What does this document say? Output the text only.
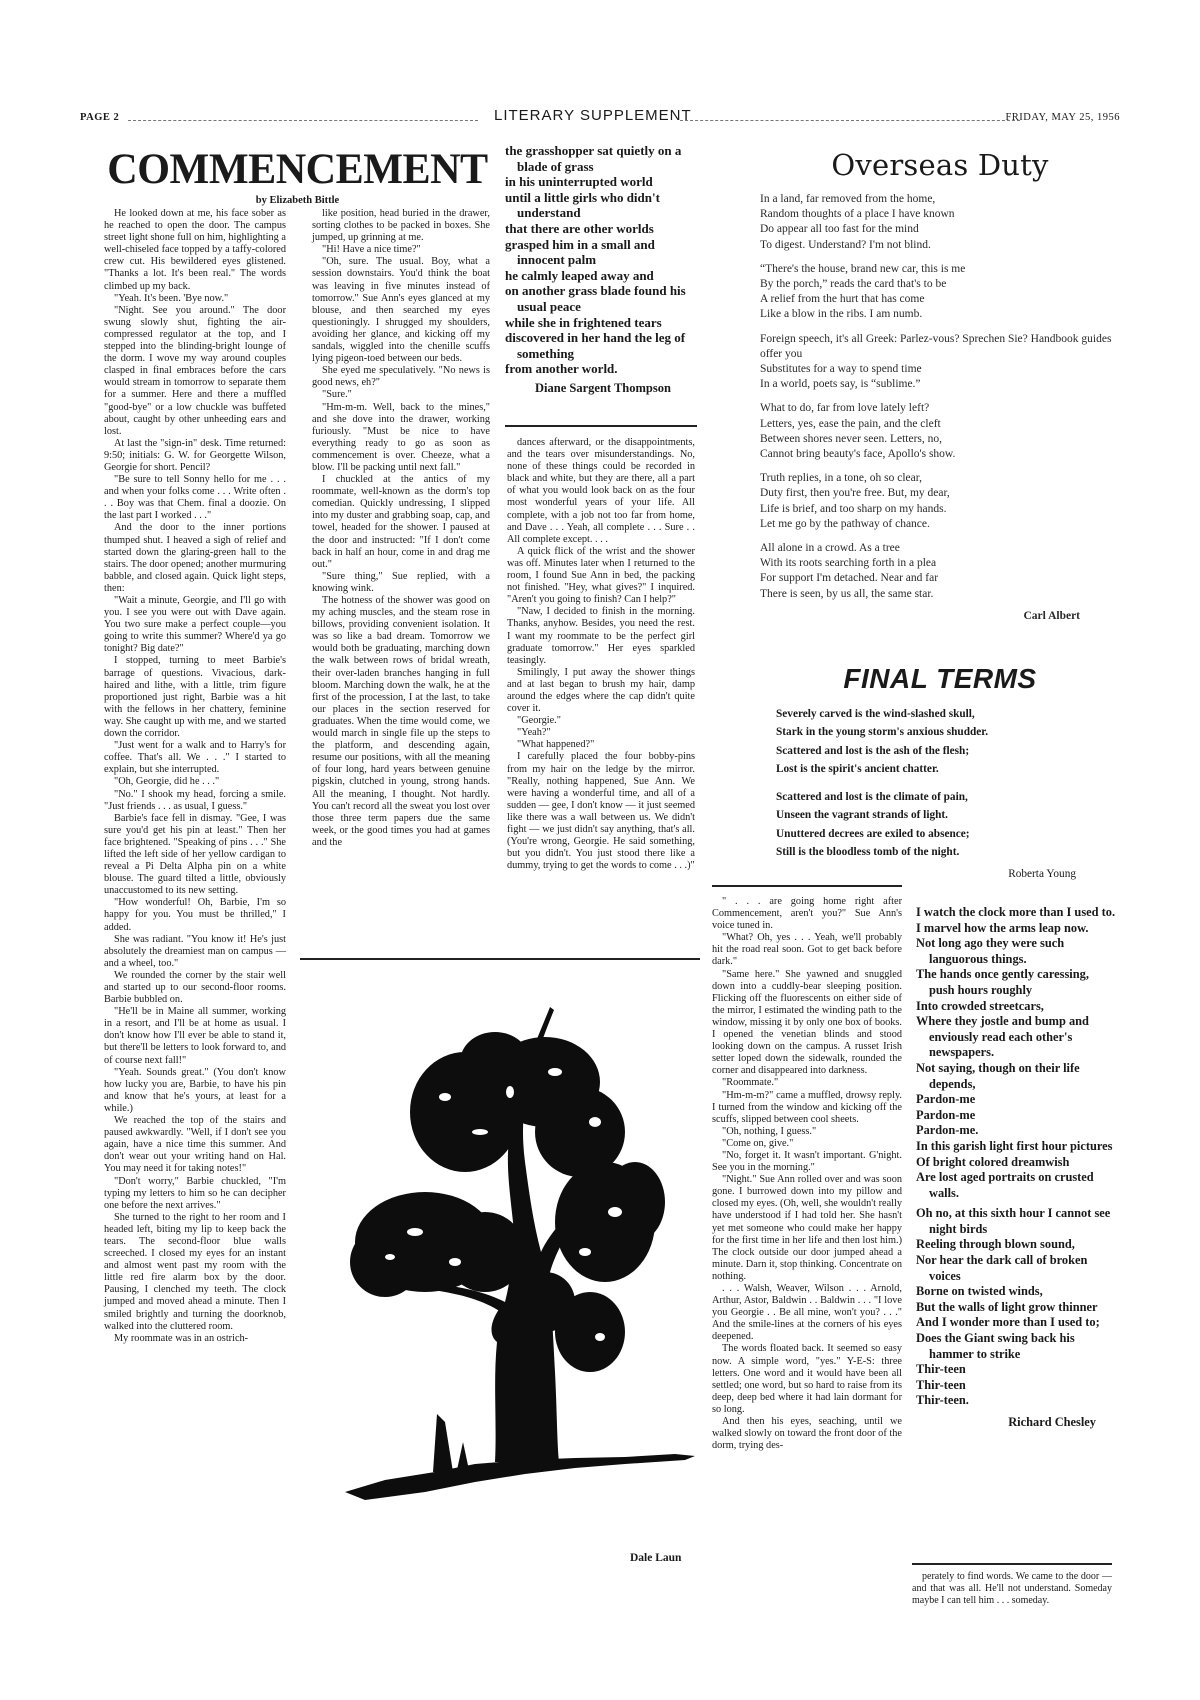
PAGE 2	LITERARY SUPPLEMENT	FRIDAY, MAY 25, 1956
COMMENCEMENT
by Elizabeth Bittle

He looked down at me, his face sober as he reached to open the door. The campus street light shone full on him, highlighting a well-chiseled face topped by a taffy-colored crew cut. His bewildered eyes glistened. "Thanks a lot. It's been real." The words climbed up my back.

"Yeah. It's been. 'Bye now."

"Night. See you around." The door swung slowly shut, fighting the air-compressed regulator at the top, and I stepped into the blinding-bright lounge of the dorm. I wove my way around couples clasped in final embraces before the cars would stream in tomorrow to separate them for a summer. Here and there a muffled "good-bye" or a low chuckle was buffeted about, caught by other unheeding ears and lost.

At last the "sign-in" desk. Time returned: 9:50; initials: G. W. for Georgette Wilson, Georgie for short. Pencil?

"Be sure to tell Sonny hello for me . . . and when your folks come . . . Write often . . . Boy was that Chem. final a doozie. On the last part I worked . . ."

And the door to the inner portions thumped shut. I heaved a sigh of relief and started down the glaring-green hall to the stairs. The door opened; another murmuring babble, and closed again. Quick light steps, then:

"Wait a minute, Georgie, and I'll go with you. I see you were out with Dave again. You two sure make a perfect couple—you going to write this summer? Where'd ya go tonight? Big date?"

I stopped, turning to meet Barbie's barrage of questions. Vivacious, dark-haired and lithe, with a little, trim figure proportioned just right, Barbie was a hit with the fellows in her chattery, feminine way. She caught up with me, and we started down the corridor.

"Just went for a walk and to Harry's for coffee. That's all. We . . ." I started to explain, but she interrupted.

"Oh, Georgie, did he . . ."

"No." I shook my head, forcing a smile. "Just friends . . . as usual, I guess."

Barbie's face fell in dismay. "Gee, I was sure you'd get his pin at least." Then her face brightened. "Speaking of pins . . ." She lifted the left side of her yellow cardigan to reveal a Pi Delta Alpha pin on a white blouse. The guard tilted a little, obviously unaccustomed to its new setting.

"How wonderful! Oh, Barbie, I'm so happy for you. You must be thrilled," I added.

She was radiant. "You know it! He's just absolutely the dreamiest man on campus — and a wheel, too."

We rounded the corner by the stair well and started up to our second-floor rooms. Barbie bubbled on.

"He'll be in Maine all summer, working in a resort, and I'll be at home as usual. I don't know how I'll ever be able to stand it, but there'll be letters to look forward to, and of course next fall!"

"Yeah. Sounds great." (You don't know how lucky you are, Barbie, to have his pin and know that he's yours, at least for a while.)

We reached the top of the stairs and paused awkwardly. "Well, if I don't see you again, have a nice time this summer. And don't wear out your writing hand on Hal. You may need it for taking notes!"

"Don't worry," Barbie chuckled, "I'm typing my letters to him so he can decipher one before the next arrives."

She turned to the right to her room and I headed left, biting my lip to keep back the tears. The second-floor blue walls screeched. I closed my eyes for an instant and almost went past my room with the little red fire alarm box by the door. Pausing, I clenched my teeth. The clock jumped and moved ahead a minute. Then I smiled brightly and turning the doorknob, walked into the cluttered room.

My roommate was in an ostrich-

like position, head buried in the drawer, sorting clothes to be packed in boxes. She jumped, up grinning at me.

"Hi! Have a nice time?"

"Oh, sure. The usual. Boy, what a session downstairs. You'd think the boat was leaving in five minutes instead of tomorrow." Sue Ann's eyes glanced at my blouse, and then searched my eyes questioningly. I shrugged my shoulders, avoiding her glance, and kicking off my sandals, wiggled into the chenille scuffs lying pigeon-toed between our beds.

She eyed me speculatively. "No news is good news, eh?"

"Sure."

"Hm-m-m. Well, back to the mines," and she dove into the drawer, working furiously. "Must be nice to have everything ready to go as soon as commencement is over. Cheeze, what a blow. I'll be packing until next fall."

I chuckled at the antics of my roommate, well-known as the dorm's top comedian. Quickly undressing, I slipped into my duster and grabbing soap, cap, and towel, headed for the shower. I paused at the door and instructed: "If I don't come back in half an hour, come in and drag me out."

"Sure thing," Sue replied, with a knowing wink.

The hotness of the shower was good on my aching muscles, and the steam rose in billows, providing convenient isolation. It was so like a bad dream. Tomorrow we would both be graduating, marching down the walk between rows of bridal wreath, their over-laden branches hanging in full bloom. Marching down the walk, he at the first of the procession, I at the last, to take our places in the section reserved for graduates. When the time would come, we would march in single file up the steps to the platform, and descending again, resume our positions, with all the meaning of four long, hard years between genuine pigskin, clutched in young, strong hands. All the meaning, I thought. Not hardly. You can't record all the sweat you lost over those three term papers due the same week, or the good times you had at games and the

dances afterward, or the disappointments, and the tears over misunderstandings. No, none of these things could be recorded in black and white, but they are there, all a part of what you would look back on as the four most wonderful years of your life. All complete, with a job not too far from home, and Dave . . . Yeah, all complete . . . Sure . . All complete except. . . .

A quick flick of the wrist and the shower was off. Minutes later when I returned to the room, I found Sue Ann in bed, the packing not finished. "Hey, what gives?" I inquired. "Aren't you going to finish? Can I help?"

"Naw, I decided to finish in the morning. Thanks, anyhow. Besides, you need the rest. I want my roommate to be the perfect girl graduate tomorrow." Her eyes sparkled teasingly.

Smilingly, I put away the shower things and at last began to brush my hair, damp around the edges where the cap didn't quite cover it.

"Georgie."

"Yeah?"

"What happened?"

I carefully placed the four bobby-pins from my hair on the ledge by the mirror. "Really, nothing happened, Sue Ann. We were having a wonderful time, and all of a sudden — gee, I don't know — it just seemed like there was a wall between us. We didn't fight — we just didn't say anything, that's all. (You're wrong, Georgie. He said something, but you didn't. You just stood there like a dummy, trying to get the words to come . . .)"

" . . . are going home right after Commencement, aren't you?" Sue Ann's voice tuned in.

"What? Oh, yes . . . Yeah, we'll probably hit the road real soon. Got to get back before dark."

"Same here." She yawned and snuggled down into a cuddly-bear sleeping position. Flicking off the fluorescents on either side of the mirror, I estimated the winding path to the window, missing it by only one box of books. I opened the venetian blinds and stood looking down on the campus. A russet Irish setter loped down the sidewalk, rounded the corner and disappeared into darkness.

"Roommate."

"Hm-m-m?" came a muffled, drowsy reply. I turned from the window and kicking off the scuffs, slipped between cool sheets.

"Oh, nothing, I guess."

"Come on, give."

"No, forget it. It wasn't important. G'night. See you in the morning."

"Night." Sue Ann rolled over and was soon gone. I burrowed down into my pillow and closed my eyes. (Oh, well, she wouldn't really have understood if I had told her. She hasn't yet met someone who could make her happy for the first time in her life and then lost him.) The clock outside our door jumped ahead a minute. Darn it, stop thinking. Concentrate on nothing.

. . . Walsh, Weaver, Wilson . . . Arnold, Arthur, Astor, Baldwin . . Baldwin . . . "I love you Georgie . . Be all mine, won't you? . . ." And the smile-lines at the corners of his eyes deepened.

The words floated back. It seemed so easy now. A simple word, "yes." Y-E-S: three letters. One word and it would have been all settled; one word, but so hard to raise from its deep, deep bed where it had lain dormant for so long.

And then his eyes, seaching, until we walked slowly on toward the front door of the dorm, trying des-

perately to find words. We came to the door — and that was all. He'll not understand. Someday maybe I can tell him . . . someday.

the grasshopper sat quietly on a blade of grass
in his uninterrupted world
until a little girls who didn't understand
that there are other worlds
grasped him in a small and innocent palm
he calmly leaped away and
on another grass blade found his usual peace
while she in frightened tears
discovered in her hand the leg of something
from another world.
Diane Sargent Thompson
Overseas Duty
In a land, far removed from the home,
Random thoughts of a place I have known
Do appear all too fast for the mind
To digest. Understand? I'm not blind.
“There's the house, brand new car, this is me
By the porch,” reads the card that's to be
A relief from the hurt that has come
Like a blow in the ribs. I am numb.
Foreign speech, it's all Greek: Parlez-vous? Sprechen Sie? Handbook guides offer you
Substitutes for a way to spend time
In a world, poets say, is “sublime.”
What to do, far from love lately left?
Letters, yes, ease the pain, and the cleft
Between shores never seen. Letters, no,
Cannot bring beauty's face, Apollo's show.
Truth replies, in a tone, oh so clear,
Duty first, then you're free. But, my dear,
Life is brief, and too sharp on my hands.
Let me go by the pathway of chance.
All alone in a crowd. As a tree
With its roots searching forth in a plea
For support I'm detached. Near and far
There is seen, by us all, the same star.
Carl Albert
FINAL TERMS
Severely carved is the wind-slashed skull,
Stark in the young storm's anxious shudder.
Scattered and lost is the ash of the flesh;
Lost is the spirit's ancient chatter.
Scattered and lost is the climate of pain,
Unseen the vagrant strands of light.
Unuttered decrees are exiled to absence;
Still is the bloodless tomb of the night.
Roberta Young
I watch the clock more than I used to.
I marvel how the arms leap now.
Not long ago they were such languorous things.
The hands once gently caressing, push hours roughly
Into crowded streetcars,
Where they jostle and bump and enviously read each other's newspapers.
Not saying, though on their life depends,
Pardon-me
Pardon-me
Pardon-me.
In this garish light first hour pictures
Of bright colored dreamwish
Are lost aged portraits on crusted walls.
Oh no, at this sixth hour I cannot see night birds
Reeling through blown sound,
Nor hear the dark call of broken voices
Borne on twisted winds,
But the walls of light grow thinner
And I wonder more than I used to;
Does the Giant swing back his hammer to strike
Thir-teen
Thir-teen
Thir-teen.
Richard Chesley
Dale Laun
